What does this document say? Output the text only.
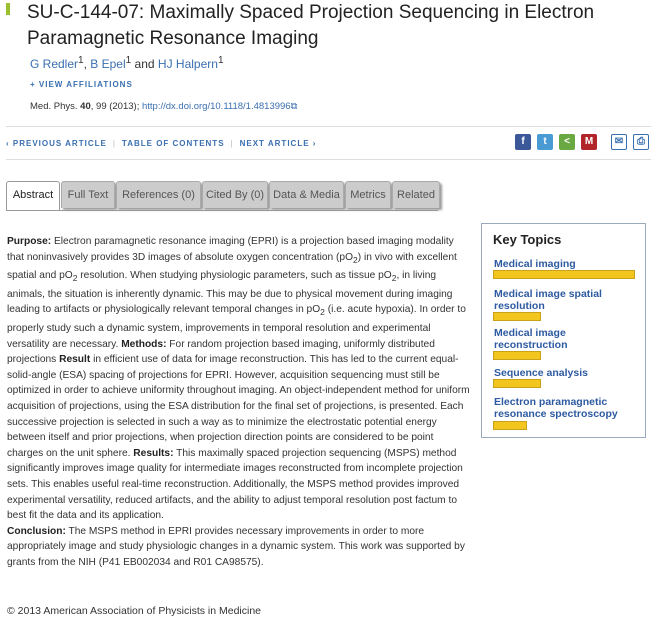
SU-C-144-07: Maximally Spaced Projection Sequencing in Electron Paramagnetic Resonance Imaging
G Redler$^1$, B Epel$^1$ and HJ Halpern$^1$
+ VIEW AFFILIATIONS
Med. Phys. 40, 99 (2013); http://dx.doi.org/10.1118/1.4813996⧉
‹ PREVIOUS ARTICLE | TABLE OF CONTENTS | NEXT ARTICLE ›	f	t	<	M	✉	⎙
Abstract	Full Text	References (0)	Cited By (0) Data & Media Metrics	Related
Purpose: Electron paramagnetic resonance imaging (EPRI) is a projection based imaging modality that noninvasively provides 3D images of absolute oxygen concentration $(pO_2)$ in vivo with excellent spatial and $pO_2$ resolution. When studying physiologic parameters, such as tissue $pO_2$, in living animals, the situation is inherently dynamic. This may be due to physical movement during imaging leading to artifacts or physiologically relevant temporal changes in $pO_2$ (i.e. acute hypoxia). In order to properly study such a dynamic system, improvements in temporal resolution and experimental versatility are necessary. Methods: For random projection based imaging, uniformly distributed projections Result in efficient use of data for image reconstruction. This has led to the current equal-solid-angle (ESA) spacing of projections for EPRI. However, acquisition sequencing must still be optimized in order to achieve uniformity throughout imaging. An object-independent method for uniform acquisition of projections, using the ESA distribution for the final set of projections, is presented. Each successive projection is selected in such a way as to minimize the electrostatic potential energy between itself and prior projections, when projection direction points are considered to be point charges on the unit sphere. Results: This maximally spaced projection sequencing (MSPS) method significantly improves image quality for intermediate images reconstructed from incomplete projection sets. This enables useful real-time reconstruction. Additionally, the MSPS method provides improved experimental versatility, reduced artifacts, and the ability to adjust temporal resolution post factum to best fit the data and its application.
Conclusion: The MSPS method in EPRI provides necessary improvements in order to more appropriately image and study physiologic changes in a dynamic system. This work was supported by grants from the NIH (P41 EB002034 and R01 CA98575).
Key Topics
Medical imaging
Medical image spatial resolution
Medical image reconstruction
Sequence analysis
Electron paramagnetic resonance spectroscopy
© 2013 American Association of Physicists in Medicine
